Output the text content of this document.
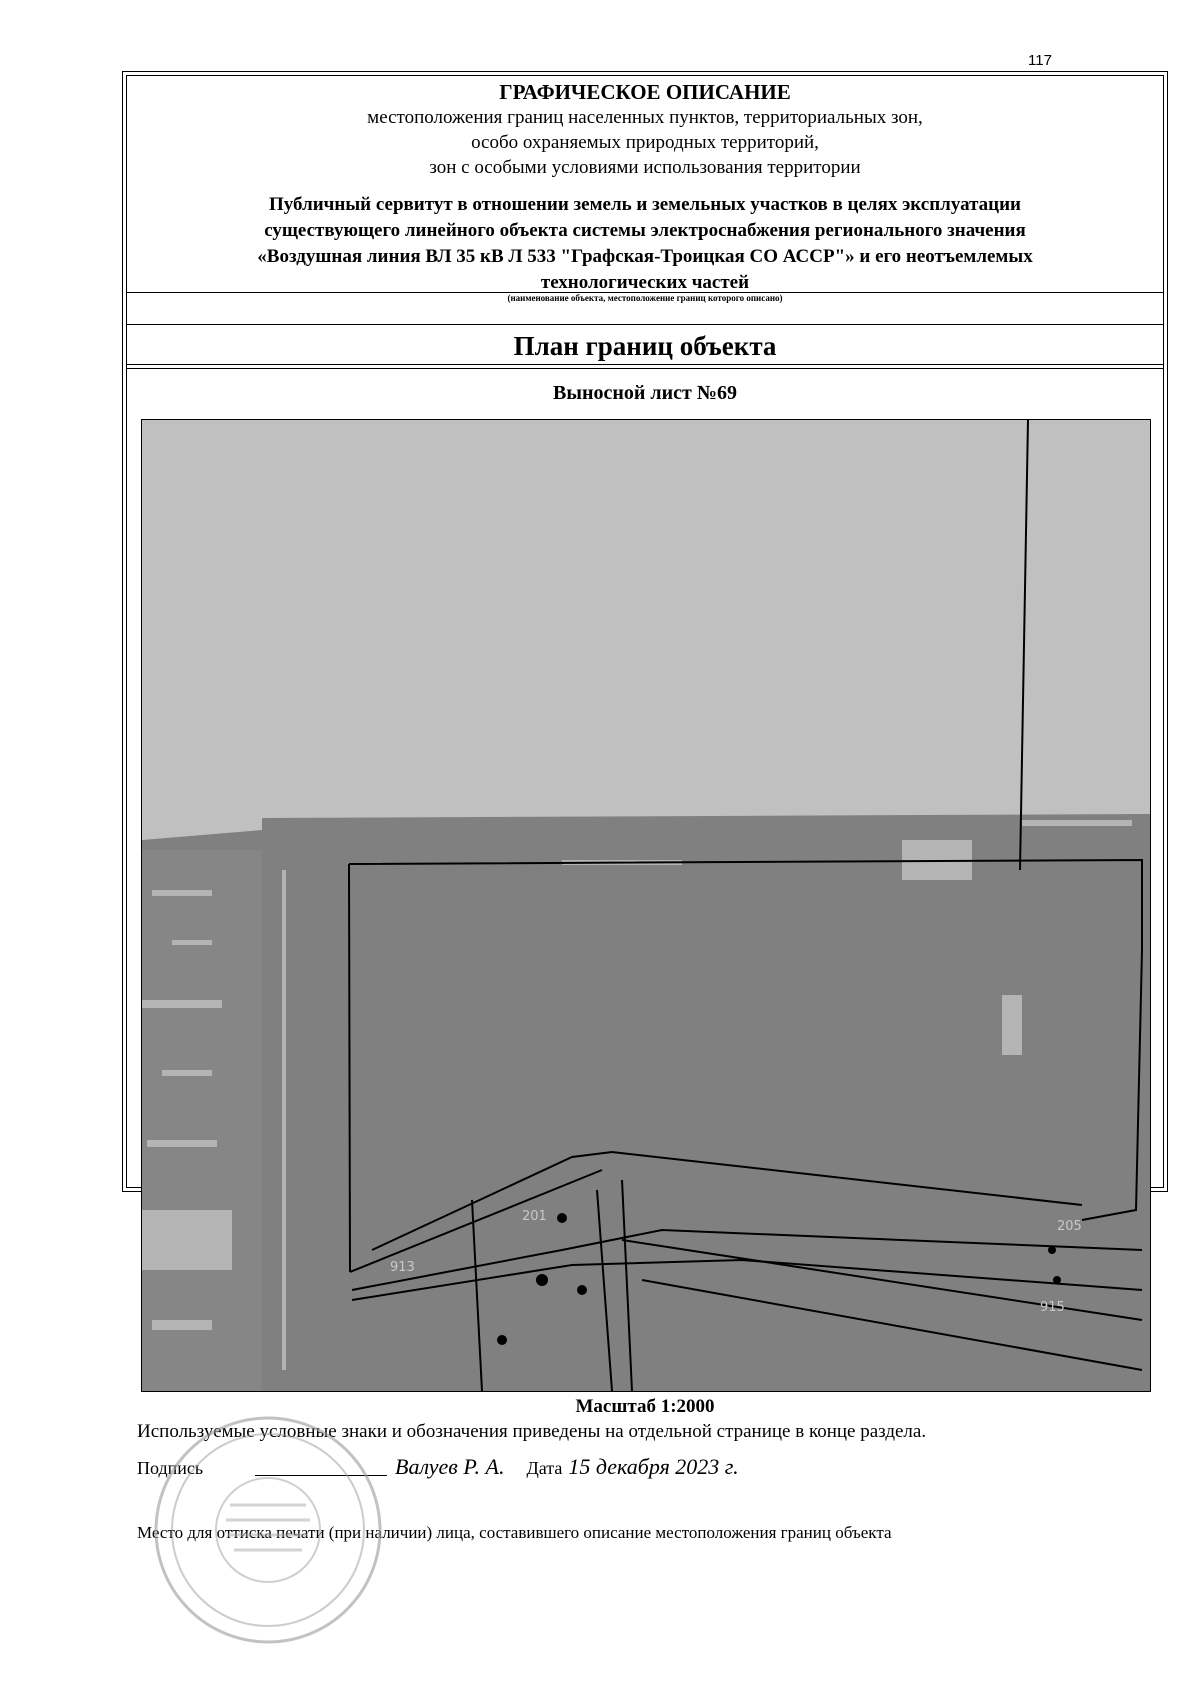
117
ГРАФИЧЕСКОЕ ОПИСАНИЕ
местоположения границ населенных пунктов, территориальных зон,
особо охраняемых природных территорий,
зон с особыми условиями использования территории
Публичный сервитут в отношении земель и земельных участков в целях эксплуатации
существующего линейного объекта системы электроснабжения регионального значения
«Воздушная линия ВЛ 35 кВ Л 533 "Графская-Троицкая СО АССР"» и его неотъемлемых
технологических частей
(наименование объекта, местоположение границ которого описано)
План границ объекта
Выносной лист №69
201
205
915
913
Масштаб 1:2000
Используемые условные знаки и обозначения приведены на отдельной странице в конце раздела.
Подпись	Валуев Р. А. Дата 15 декабря 2023 г.
Место для оттиска печати (при наличии) лица, составившего описание местоположения границ объекта
